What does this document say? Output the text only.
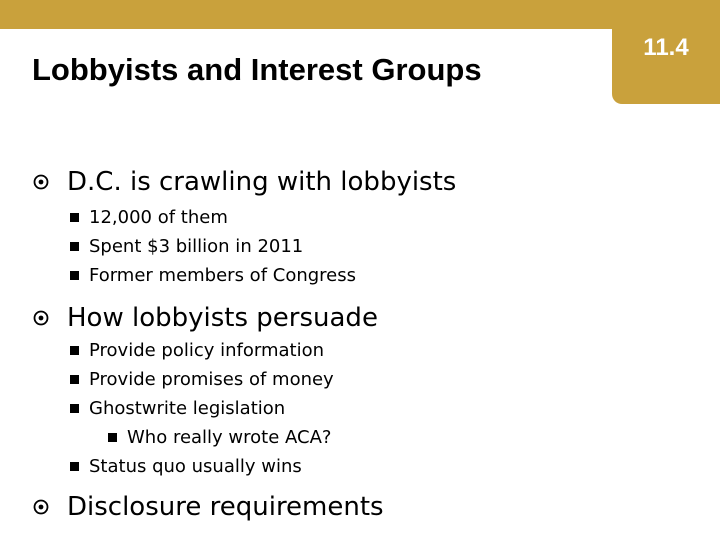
11.4
Lobbyists and Interest Groups
D.C. is crawling with lobbyists
12,000 of them
Spent $3 billion in 2011
Former members of Congress
How lobbyists persuade
Provide policy information
Provide promises of money
Ghostwrite legislation
Who really wrote ACA?
Status quo usually wins
Disclosure requirements
